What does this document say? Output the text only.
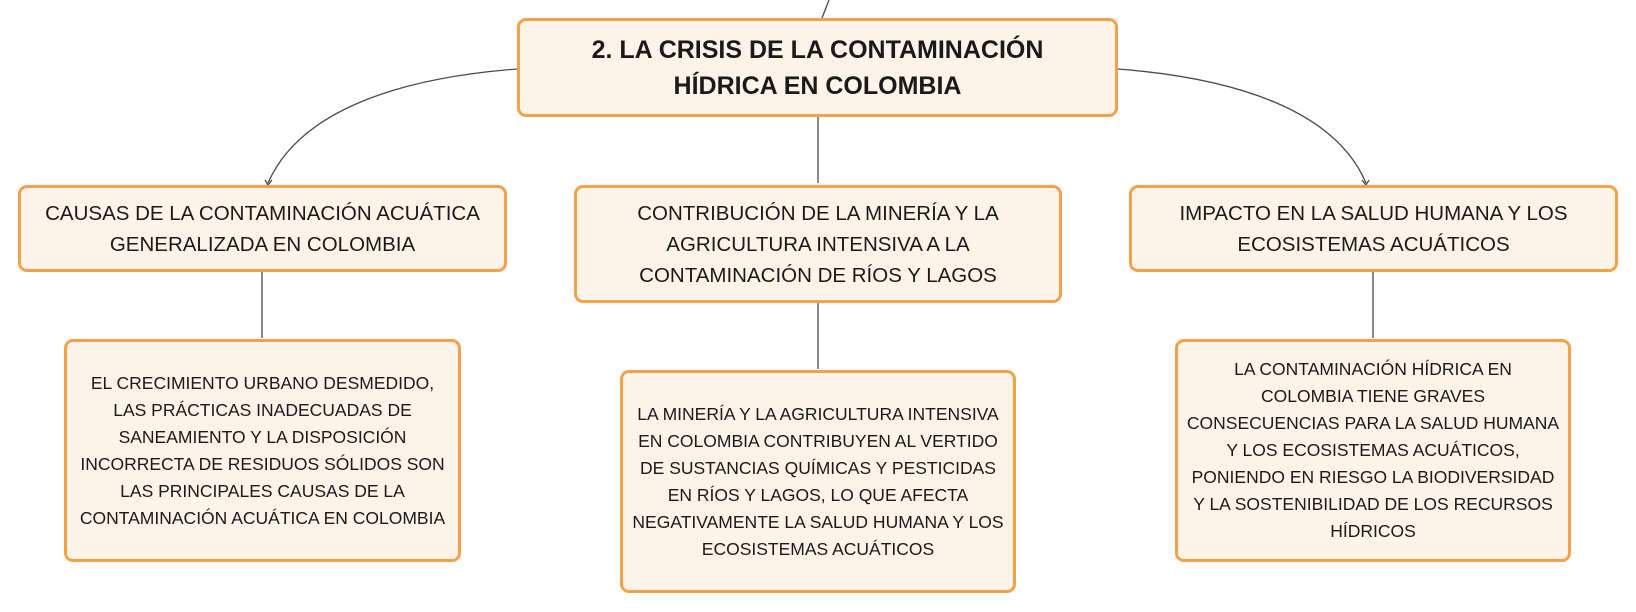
2. LA CRISIS DE LA CONTAMINACIÓN HÍDRICA EN COLOMBIA
CAUSAS DE LA CONTAMINACIÓN ACUÁTICA GENERALIZADA EN COLOMBIA
CONTRIBUCIÓN DE LA MINERÍA Y LA AGRICULTURA INTENSIVA A LA CONTAMINACIÓN DE RÍOS Y LAGOS
IMPACTO EN LA SALUD HUMANA Y LOS ECOSISTEMAS ACUÁTICOS
EL CRECIMIENTO URBANO DESMEDIDO, LAS PRÁCTICAS INADECUADAS DE SANEAMIENTO Y LA DISPOSICIÓN INCORRECTA DE RESIDUOS SÓLIDOS SON LAS PRINCIPALES CAUSAS DE LA CONTAMINACIÓN ACUÁTICA EN COLOMBIA
LA MINERÍA Y LA AGRICULTURA INTENSIVA EN COLOMBIA CONTRIBUYEN AL VERTIDO DE SUSTANCIAS QUÍMICAS Y PESTICIDAS EN RÍOS Y LAGOS, LO QUE AFECTA NEGATIVAMENTE LA SALUD HUMANA Y LOS ECOSISTEMAS ACUÁTICOS
LA CONTAMINACIÓN HÍDRICA EN COLOMBIA TIENE GRAVES CONSECUENCIAS PARA LA SALUD HUMANA Y LOS ECOSISTEMAS ACUÁTICOS, PONIENDO EN RIESGO LA BIODIVERSIDAD Y LA SOSTENIBILIDAD DE LOS RECURSOS HÍDRICOS
